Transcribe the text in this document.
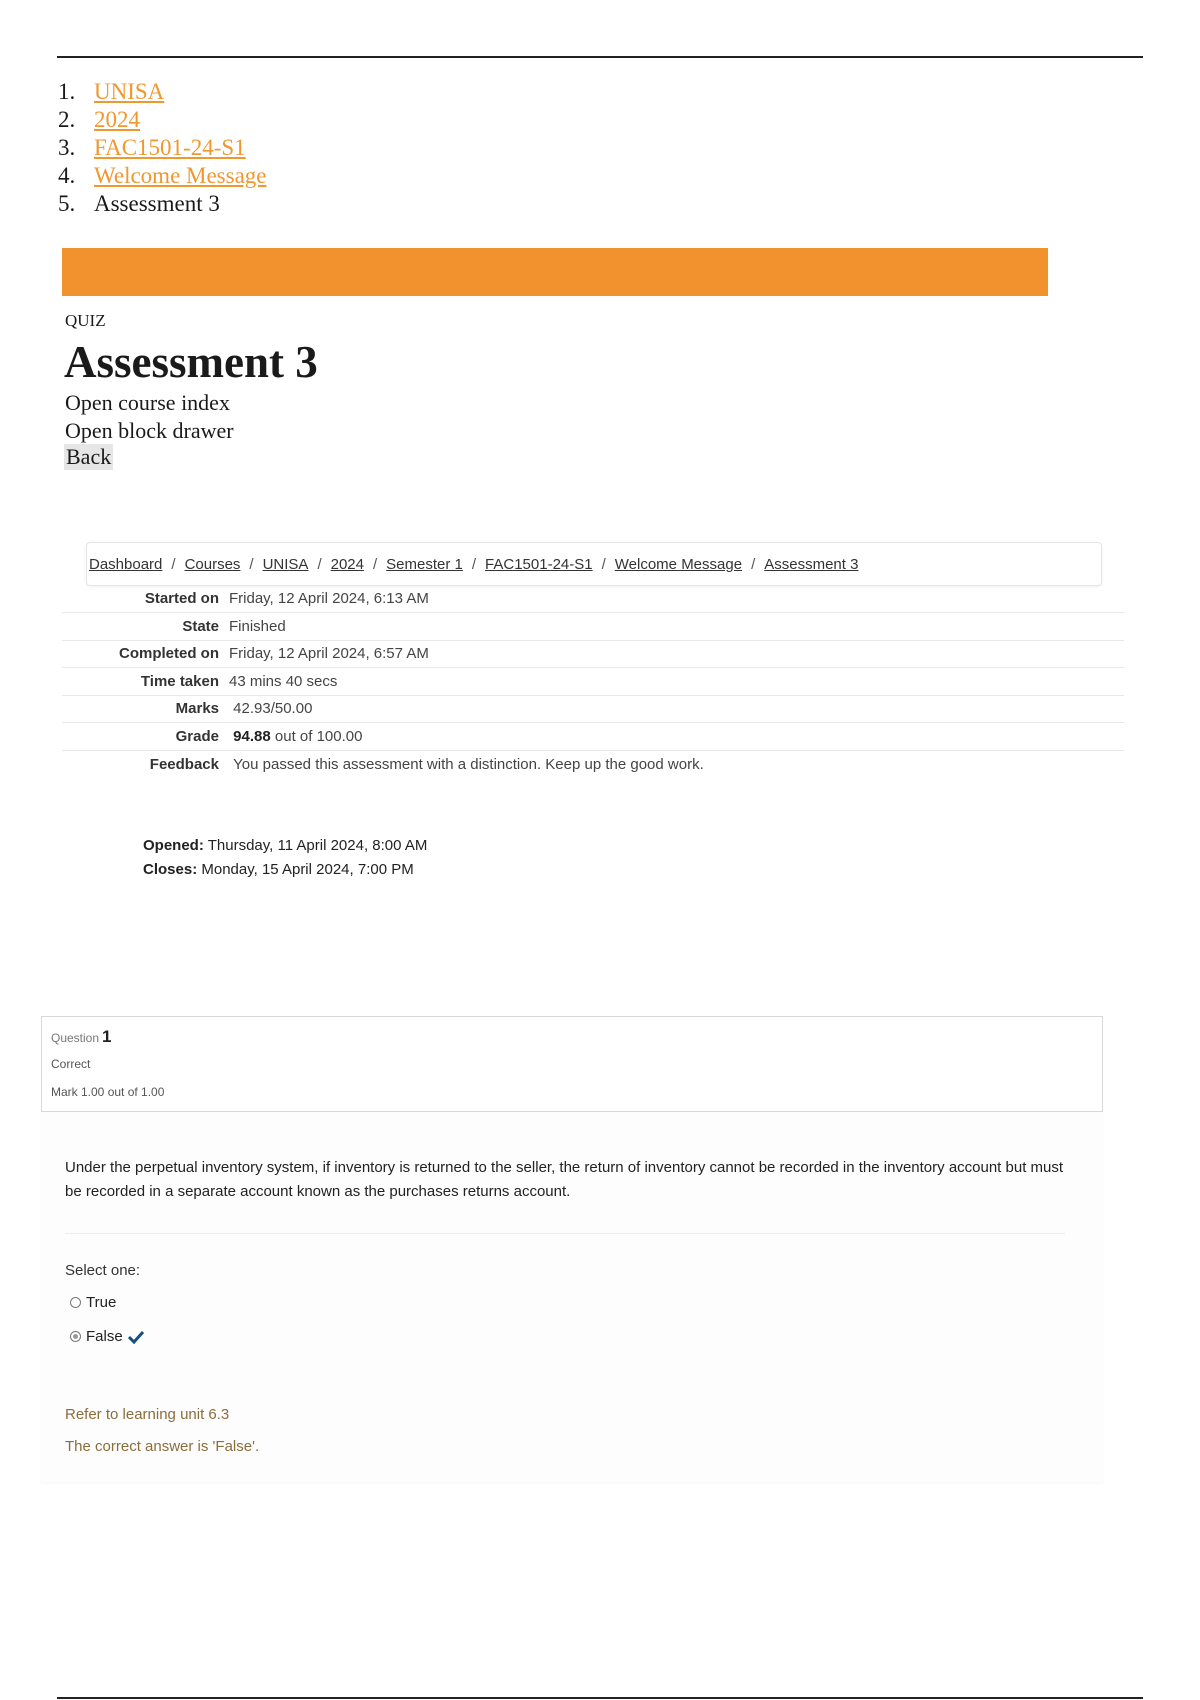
1. UNISA
2. 2024
3. FAC1501-24-S1
4. Welcome Message
5. Assessment 3
QUIZ
Assessment 3
Open course index
Open block drawer
Back
Dashboard / Courses / UNISA / 2024 / Semester 1 / FAC1501-24-S1 / Welcome Message / Assessment 3
Started on	Friday, 12 April 2024, 6:13 AM
State	Finished
Completed on	Friday, 12 April 2024, 6:57 AM
Time taken	43 mins 40 secs
Marks	42.93/50.00
Grade	94.88 out of 100.00
Feedback	You passed this assessment with a distinction. Keep up the good work.
Opened: Thursday, 11 April 2024, 8:00 AM
Closes: Monday, 15 April 2024, 7:00 PM
Question 1
Correct
Mark 1.00 out of 1.00
Under the perpetual inventory system, if inventory is returned to the seller, the return of inventory cannot be recorded in the inventory account but must be recorded in a separate account known as the purchases returns account.
Select one:
True
False
Refer to learning unit 6.3
The correct answer is 'False'.
